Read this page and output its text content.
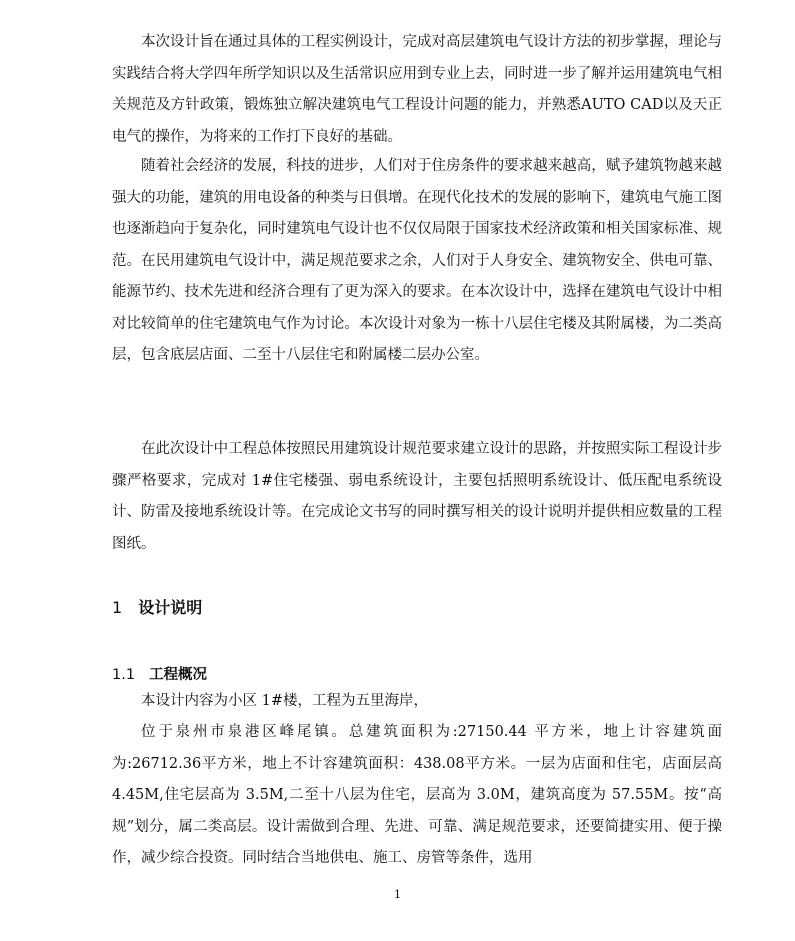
本次设计旨在通过具体的工程实例设计，完成对高层建筑电气设计方法的初步掌握，理论与实践结合将大学四年所学知识以及生活常识应用到专业上去，同时进一步了解并运用建筑电气相关规范及方针政策，锻炼独立解决建筑电气工程设计问题的能力，并熟悉AUTO CAD以及天正电气的操作，为将来的工作打下良好的基础。

随着社会经济的发展，科技的进步，人们对于住房条件的要求越来越高，赋予建筑物越来越强大的功能，建筑的用电设备的种类与日俱增。在现代化技术的发展的影响下，建筑电气施工图也逐渐趋向于复杂化，同时建筑电气设计也不仅仅局限于国家技术经济政策和相关国家标准、规范。在民用建筑电气设计中，满足规范要求之余，人们对于人身安全、建筑物安全、供电可靠、能源节约、技术先进和经济合理有了更为深入的要求。在本次设计中，选择在建筑电气设计中相对比较简单的住宅建筑电气作为讨论。本次设计对象为一栋十八层住宅楼及其附属楼，为二类高层，包含底层店面、二至十八层住宅和附属楼二层办公室。

在此次设计中工程总体按照民用建筑设计规范要求建立设计的思路，并按照实际工程设计步骤严格要求，完成对 1#住宅楼强、弱电系统设计，主要包括照明系统设计、低压配电系统设计、防雷及接地系统设计等。在完成论文书写的同时撰写相关的设计说明并提供相应数量的工程图纸。

1 设计说明
1.1 工程概况

本设计内容为小区 1#楼，工程为五里海岸，

位于泉州市泉港区峰尾镇。总建筑面积为:27150.44 平方米，地上计容建筑面为:26712.36平方米，地上不计容建筑面积：438.08平方米。一层为店面和住宅，店面层高 4.45M,住宅层高为 3.5M,二至十八层为住宅，层高为 3.0M，建筑高度为 57.55M。按“高规”划分，属二类高层。设计需做到合理、先进、可靠、满足规范要求，还要简捷实用、便于操作，减少综合投资。同时结合当地供电、施工、房管等条件，选用

1
